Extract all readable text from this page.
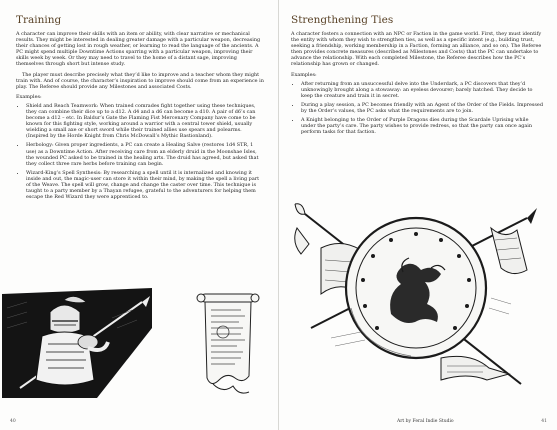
Training

A character can improve their skills with an item or ability, with clear narrative or mechanical results. They might be interested in dealing greater damage with a particular weapon, decreasing their chances of getting lost in rough weather, or learning to read the language of the ancients. A PC might spend multiple Downtime Actions sparring with a particular weapon, improving their skills week by week. Or they may need to travel to the home of a distant sage, improving themselves through short but intense study.

The player must describe precisely what they’d like to improve and a teacher whom they might train with. And of course, the character’s inspiration to improve should come from an experience in play. The Referee should provide any Milestones and associated Costs.

Examples:
• Shield and Reach Teamwork: When trained comrades fight together using these techniques, they can combine their dice up to a d12. A d4 and a d6 can become a d10. A pair of d6’s can become a d12 – etc. In Baldur’s Gate the Flaming Fist Mercenary Company have come to be known for this fighting style, working around a warrior with a central tower shield, usually wielding a small axe or short sword while their trained allies use spears and polearms. (Inspired by the Horde Knight from Chris McDowall’s Mythic Bastionland).
• Herbology: Given proper ingredients, a PC can create a Healing Salve (restores 1d4 STR, 1 use) as a Downtime Action. After receiving care from an elderly druid in the Moonshae Isles, the wounded PC asked to be trained in the healing arts. The druid has agreed, but asked that they collect three rare herbs before training can begin.
• Wizard-King’s Spell Synthesis: By researching a spell until it is internalized and knowing it inside and out, the magic-user can store it within their mind, by making the spell a living part of the Weave. The spell will grow, change and change the caster over time. This technique is taught to a party member by a Thayan refugee, grateful to the adventurers for helping them escape the Red Wizard they were apprenticed to.
40
Strengthening Ties

A character fosters a connection with an NPC or Faction in the game world. First, they must identify the entity with whom they wish to strengthen ties, as well as a specific intent (e.g., building trust, seeking a friendship, working membership in a Faction, forming an alliance, and so on). The Referee then provides concrete measures (described as Milestones and Costs) that the PC can undertake to advance the relationship. With each completed Milestone, the Referee describes how the PC’s relationship has grown or changed.

Examples:
• After returning from an unsuccessful delve into the Underdark, a PC discovers that they’d unknowingly brought along a stowaway: an eyeless devourer; barely hatched. They decide to keep the creature and train it in secret.
• During a play session, a PC becomes friendly with an Agent of the Order of the Fields. Impressed by the Order’s values, the PC asks what the requirements are to join.
• A Knight belonging to the Order of Purple Dragons dies during the Scardale Uprising while under the party’s care. The party wishes to provide redress, so that the party can once again perform tasks for that faction.
Art by Feral Indie Studio	41
